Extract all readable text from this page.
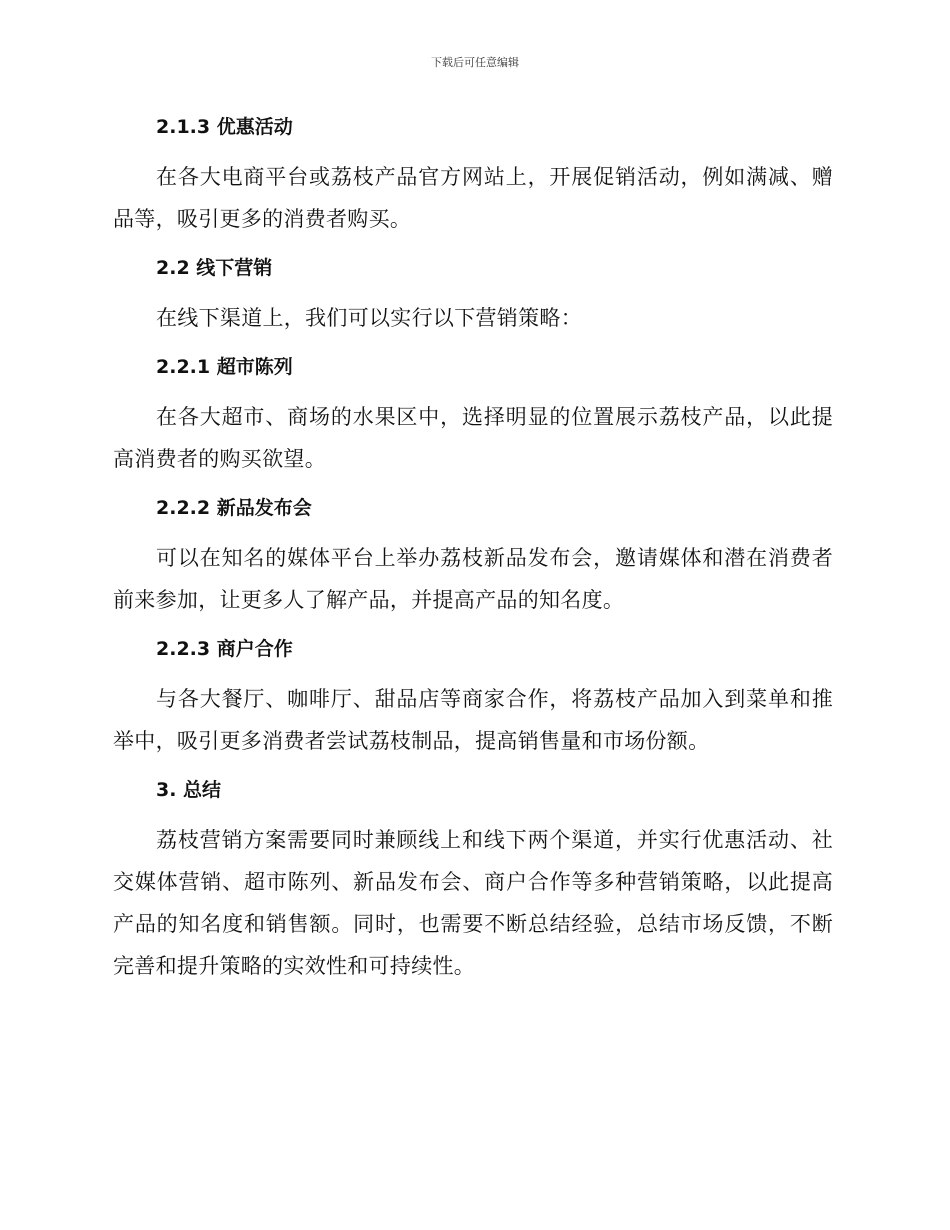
下载后可任意编辑
2.1.3 优惠活动

在各大电商平台或荔枝产品官方网站上，开展促销活动，例如满减、赠品等，吸引更多的消费者购买。

2.2 线下营销

在线下渠道上，我们可以实行以下营销策略：

2.2.1 超市陈列

在各大超市、商场的水果区中，选择明显的位置展示荔枝产品，以此提高消费者的购买欲望。

2.2.2 新品发布会

可以在知名的媒体平台上举办荔枝新品发布会，邀请媒体和潜在消费者前来参加，让更多人了解产品，并提高产品的知名度。

2.2.3 商户合作

与各大餐厅、咖啡厅、甜品店等商家合作，将荔枝产品加入到菜单和推举中，吸引更多消费者尝试荔枝制品，提高销售量和市场份额。

3. 总结

荔枝营销方案需要同时兼顾线上和线下两个渠道，并实行优惠活动、社交媒体营销、超市陈列、新品发布会、商户合作等多种营销策略，以此提高产品的知名度和销售额。同时，也需要不断总结经验，总结市场反馈，不断完善和提升策略的实效性和可持续性。
